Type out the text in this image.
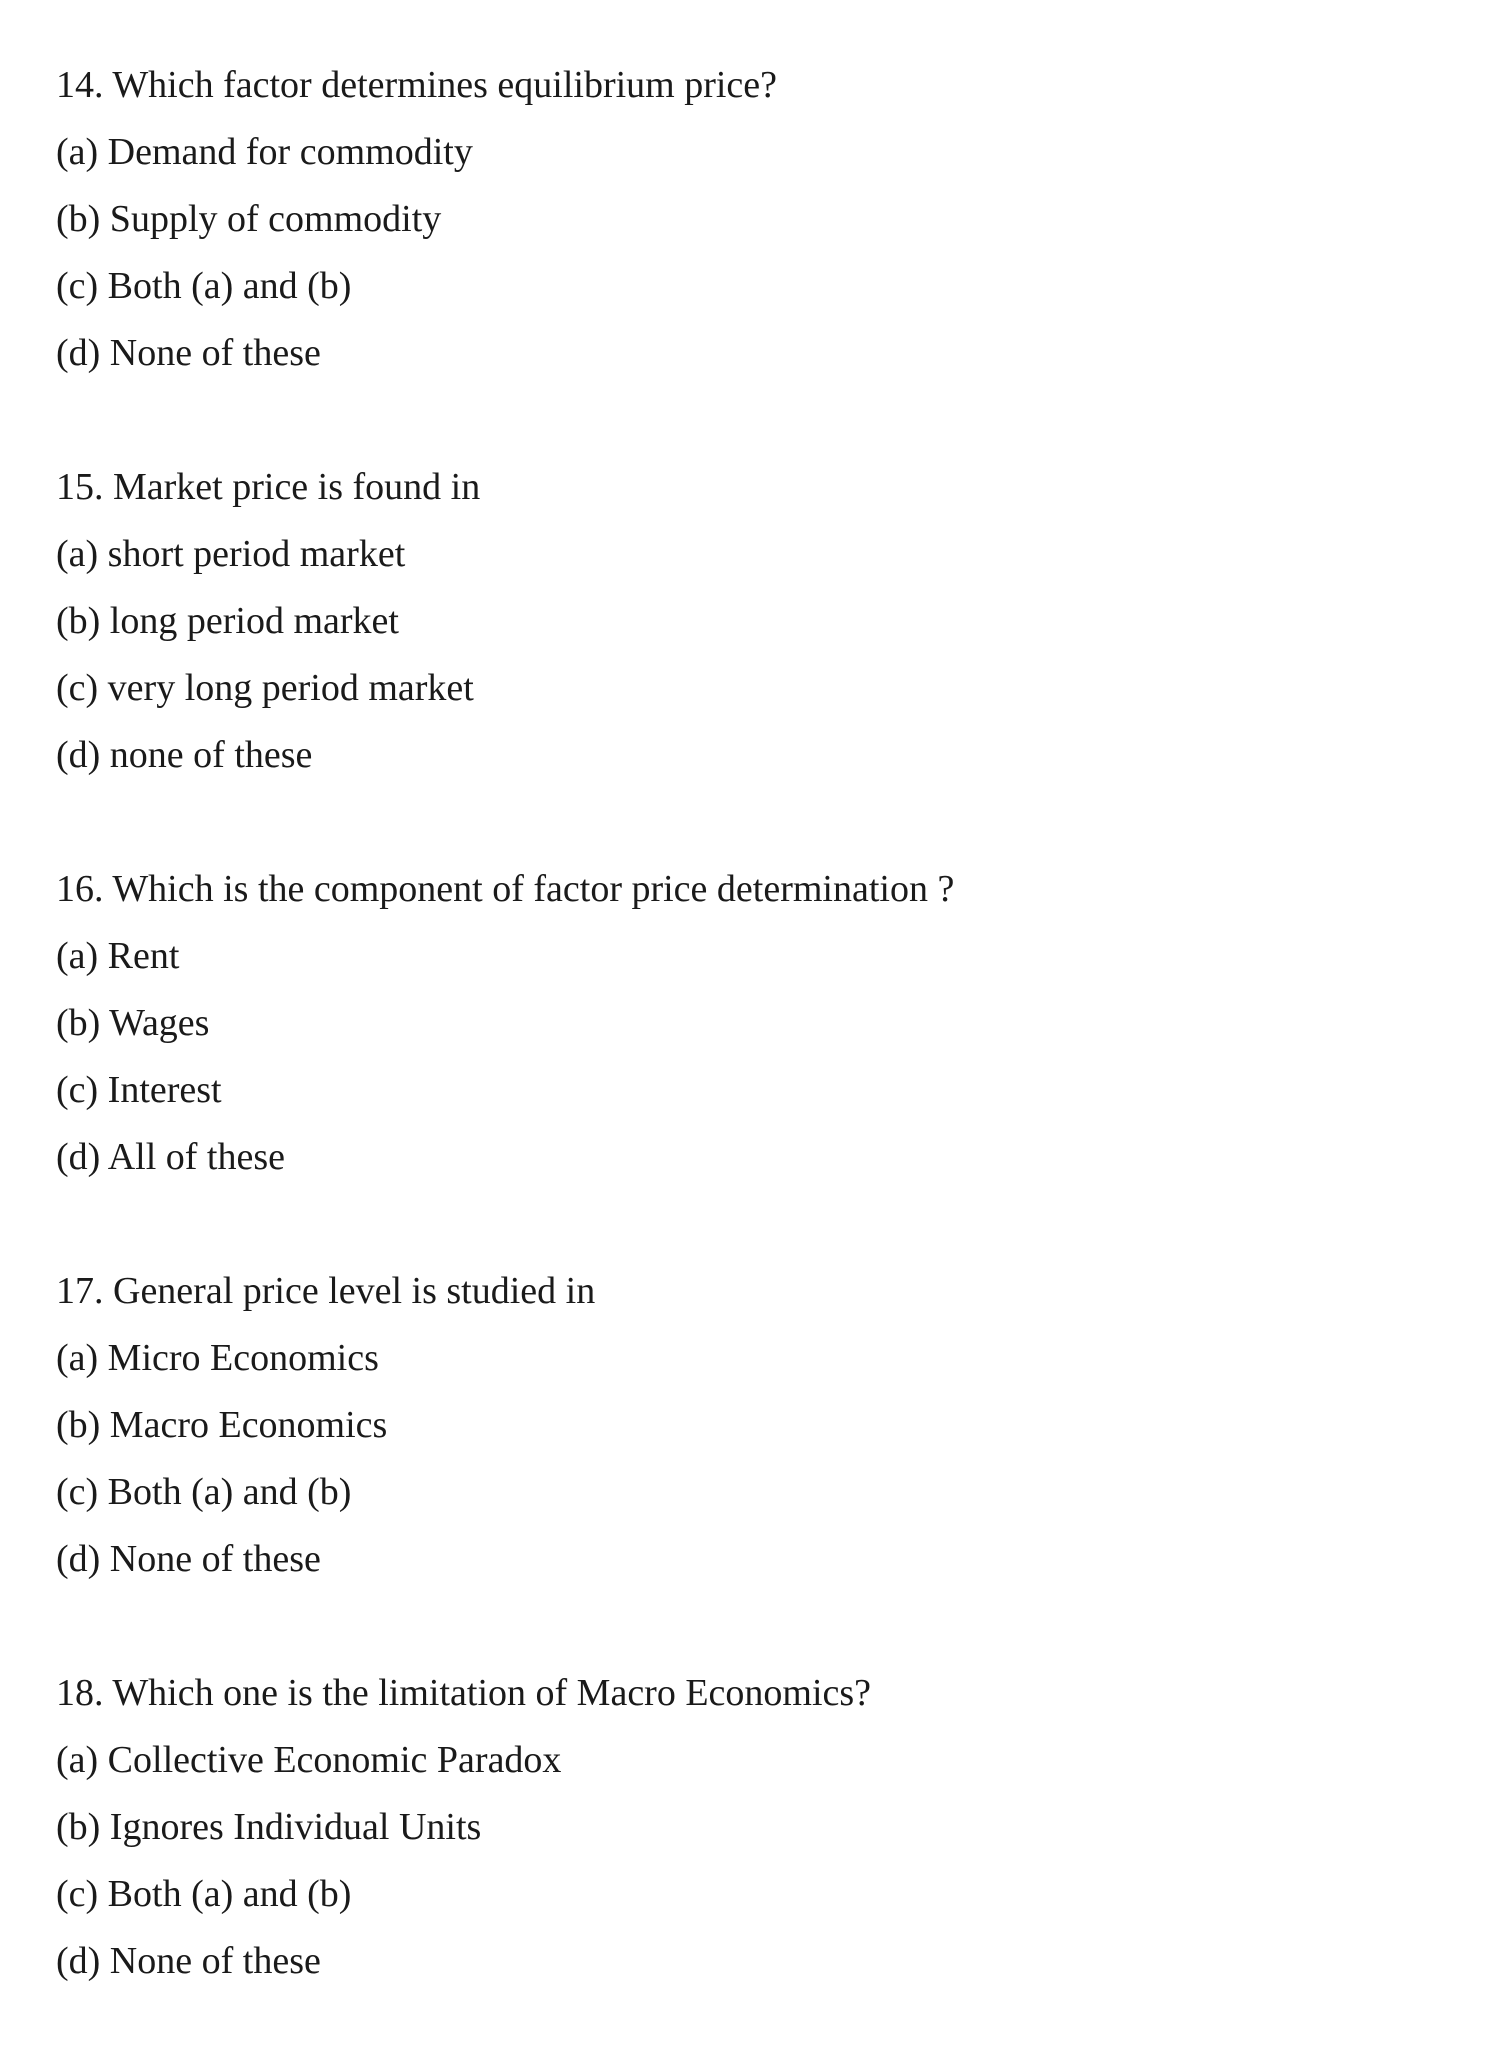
14. Which factor determines equilibrium price?
(a) Demand for commodity
(b) Supply of commodity
(c) Both (a) and (b)
(d) None of these
15. Market price is found in
(a) short period market
(b) long period market
(c) very long period market
(d) none of these
16. Which is the component of factor price determination ?
(a) Rent
(b) Wages
(c) Interest
(d) All of these
17. General price level is studied in
(a) Micro Economics
(b) Macro Economics
(c) Both (a) and (b)
(d) None of these
18. Which one is the limitation of Macro Economics?
(a) Collective Economic Paradox
(b) Ignores Individual Units
(c) Both (a) and (b)
(d) None of these
